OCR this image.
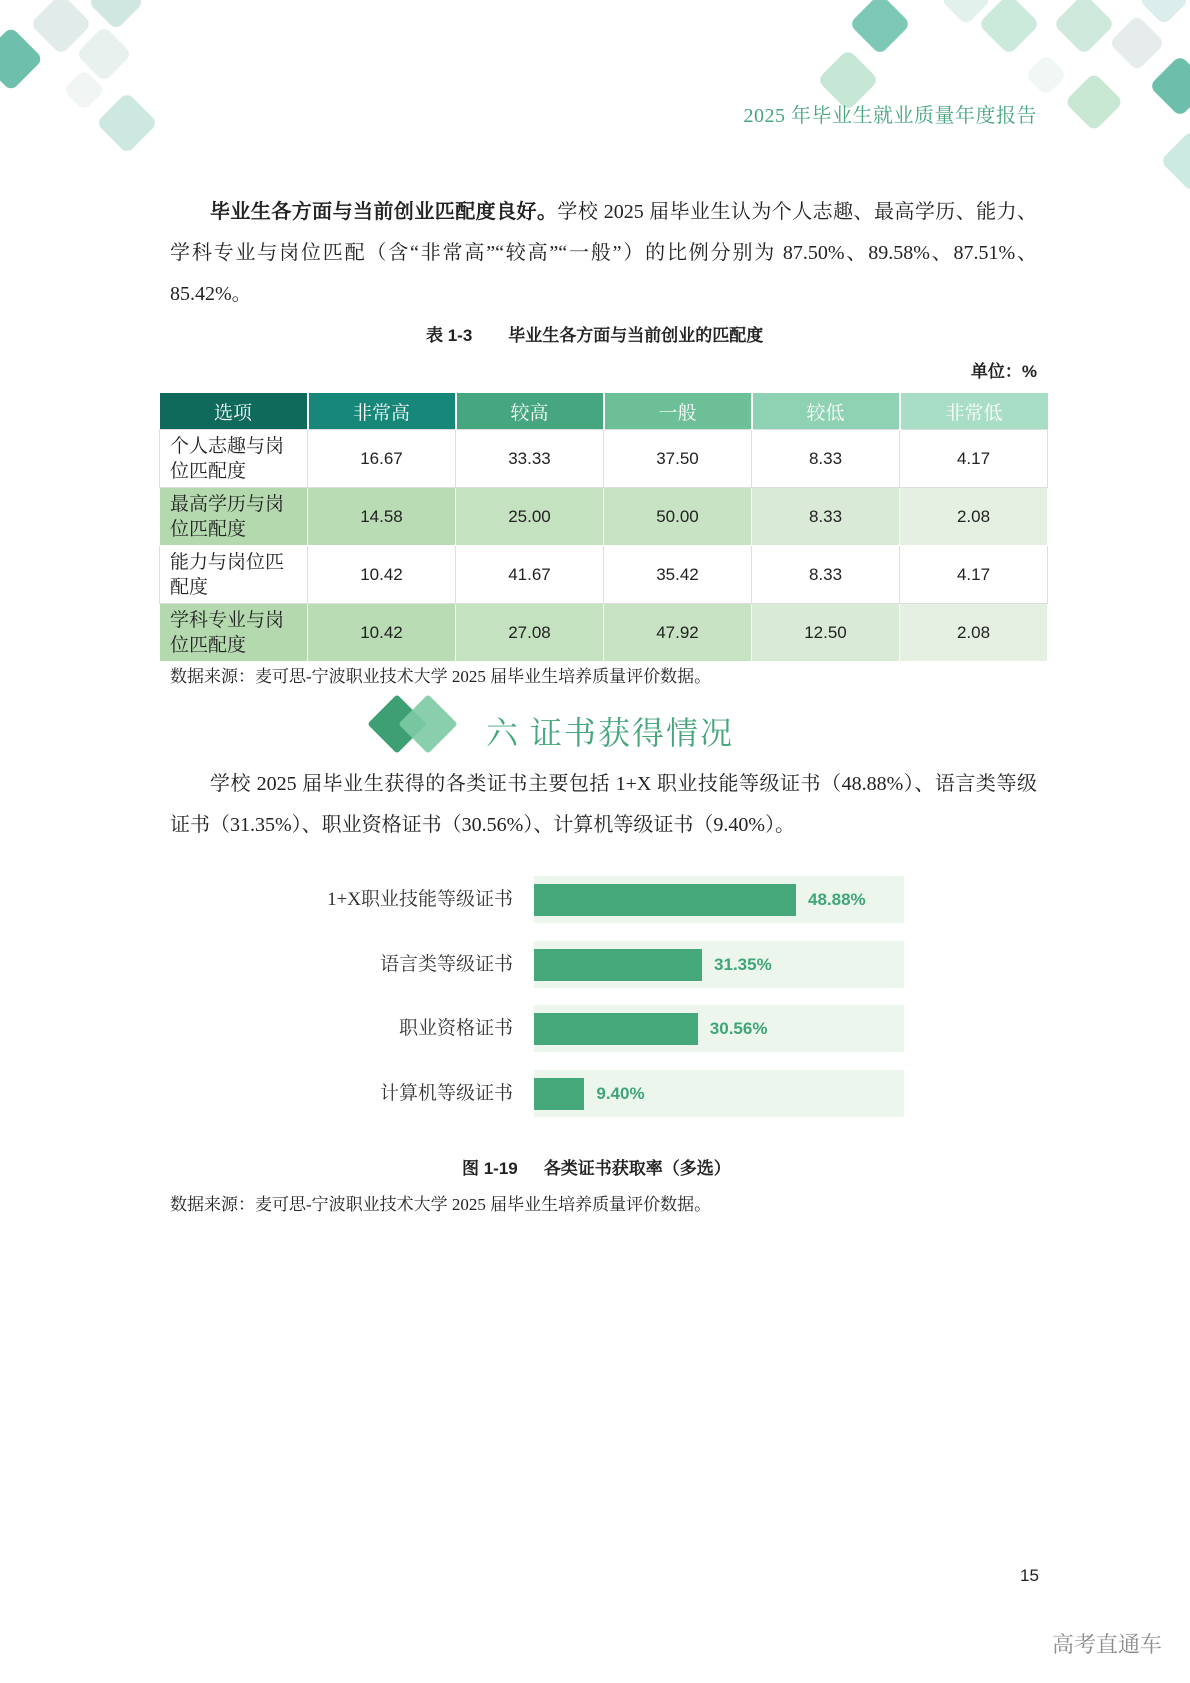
2025 年毕业生就业质量年度报告

毕业生各方面与当前创业匹配度良好。学校 2025 届毕业生认为个人志趣、最高学历、能力、学科专业与岗位匹配（含“非常高”“较高”“一般”）的比例分别为 87.50%、89.58%、87.51%、85.42%。

表 1-3 毕业生各方面与当前创业的匹配度
单位：%
选项	非常高	较高	一般	较低	非常低
个人志趣与岗位匹配度	16.67	33.33	37.50	8.33	4.17
最高学历与岗位匹配度	14.58	25.00	50.00	8.33	2.08
能力与岗位匹配度	10.42	41.67	35.42	8.33	4.17
学科专业与岗位匹配度	10.42	27.08	47.92	12.50	2.08
数据来源：麦可思-宁波职业技术大学 2025 届毕业生培养质量评价数据。
六 证书获得情况

学校 2025 届毕业生获得的各类证书主要包括 1+X 职业技能等级证书（48.88%）、语言类等级证书（31.35%）、职业资格证书（30.56%）、计算机等级证书（9.40%）。

1+X职业技能等级证书	48.88%
语言类等级证书	31.35%
职业资格证书	30.56%
计算机等级证书	9.40%
图 1-19 各类证书获取率（多选）
数据来源：麦可思-宁波职业技术大学 2025 届毕业生培养质量评价数据。
15
高考直通车
